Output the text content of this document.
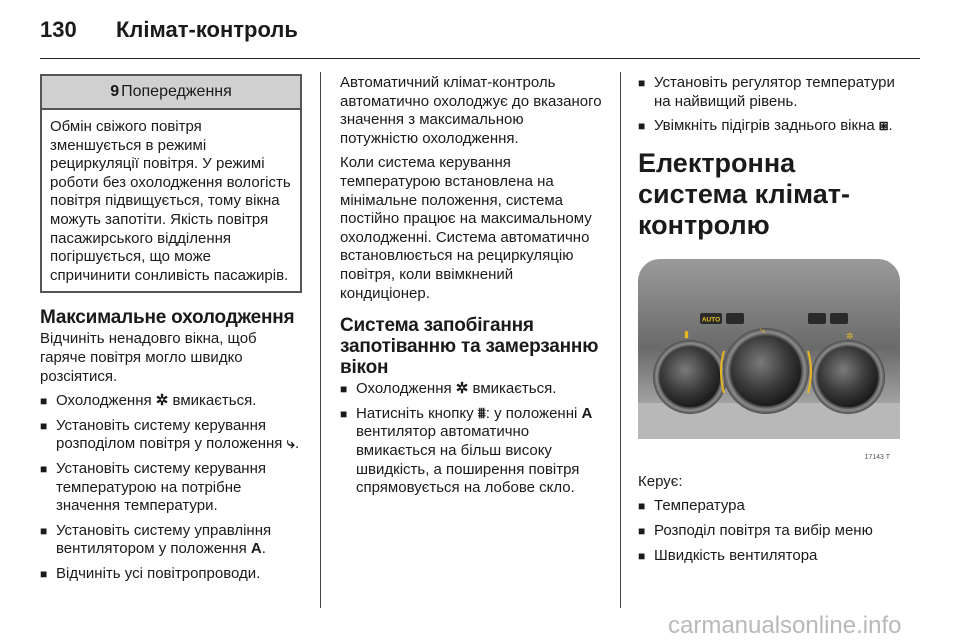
130	Клімат-контроль
9 Попередження
Обмін свіжого повітря зменшується в режимі рециркуляції повітря. У режимі роботи без охолодження вологість повітря підвищується, тому вікна можуть запотіти. Якість повітря пасажирського відділення погіршується, що може спричинити сонливість пасажирів.
Максимальне охолодження

Відчиніть ненадовго вікна, щоб гаряче повітря могло швидко розсіятися.

■ Охолодження ✲ вмикається.
■ Установіть систему керування розподілом повітря у положення ⤷.
■ Установіть систему керування температурою на потрібне значення температури.
■ Установіть систему управління вентилятором у положення A.
■ Відчиніть усі повітропроводи.

Автоматичний клімат-контроль автоматично охолоджує до вказаного значення з максимальною потужністю охолодження.

Коли система керування температурою встановлена на мінімальне положення, система постійно працює на максимальному охолодженні. Система автоматично встановлюється на рециркуляцію повітря, коли ввімкнений кондиціонер.

Система запобігання запотіванню та замерзанню вікон
■ Охолодження ✲ вмикається.
■ Натисніть кнопку ⩩: у положенні A вентилятор автоматично вмикається на більш високу швидкість, а поширення повітря спрямовується на лобове скло.
■ Установіть регулятор температури на найвищий рівень.
■ Увімкніть підігрів заднього вікна ⧆.
Електронна система клімат-контролю
AUTO
▮	⤷
✲
17143 T

Керує:

■ Температура
■ Розподіл повітря та вибір меню
■ Швидкість вентилятора
carmanualsonline.info
